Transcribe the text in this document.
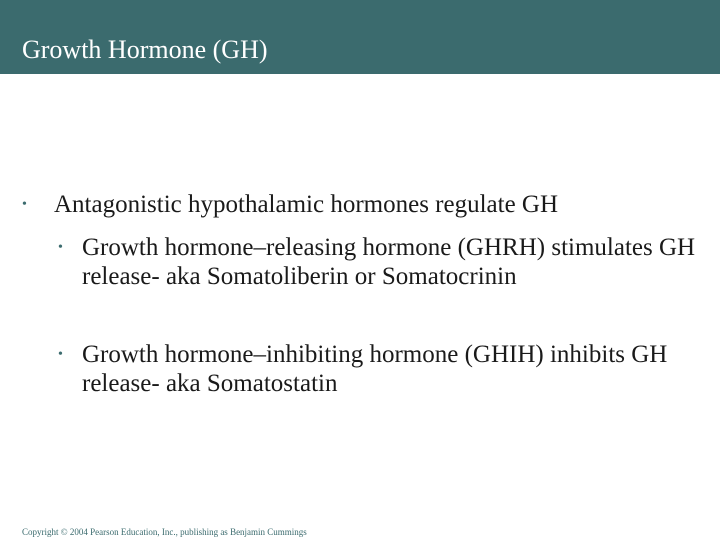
Growth Hormone (GH)
•	Antagonistic hypothalamic hormones regulate GH
• Growth hormone–releasing hormone (GHRH) stimulates GH release- aka Somatoliberin or Somatocrinin
• Growth hormone–inhibiting hormone (GHIH) inhibits GH release- aka Somatostatin
Copyright © 2004 Pearson Education, Inc., publishing as Benjamin Cummings
